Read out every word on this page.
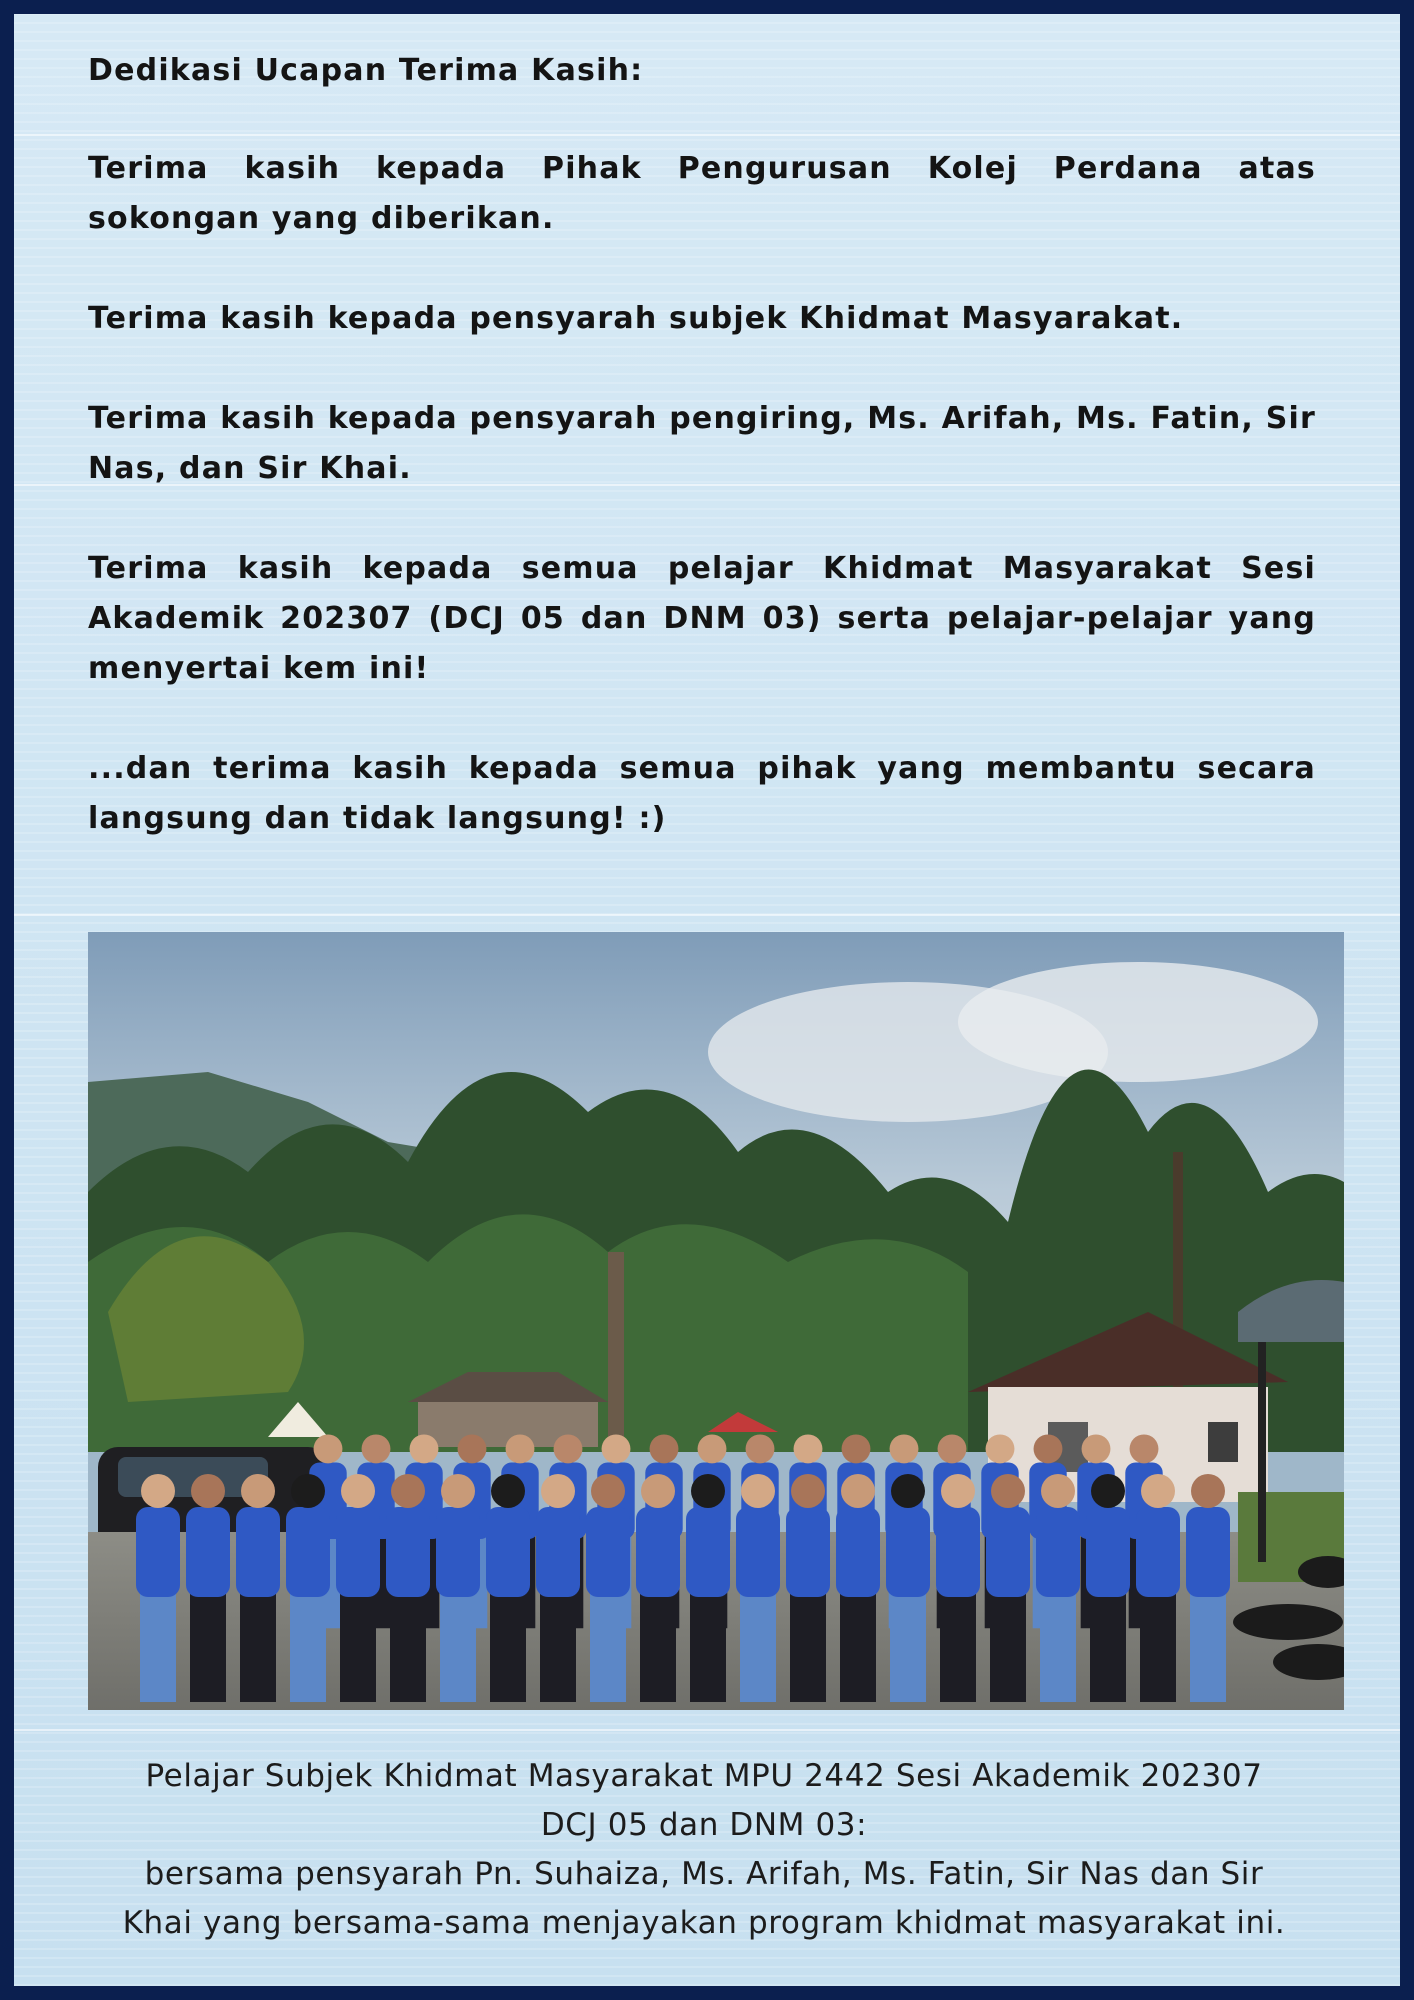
Dedikasi Ucapan Terima Kasih:
Terima kasih kepada Pihak Pengurusan Kolej Perdana atas sokongan yang diberikan.
Terima kasih kepada pensyarah subjek Khidmat Masyarakat.
Terima kasih kepada pensyarah pengiring, Ms. Arifah, Ms. Fatin, Sir Nas, dan Sir Khai.
Terima kasih kepada semua pelajar Khidmat Masyarakat Sesi Akademik 202307 (DCJ 05 dan DNM 03) serta pelajar-pelajar yang menyertai kem ini!
...dan terima kasih kepada semua pihak yang membantu secara langsung dan tidak langsung! :)
Pelajar Subjek Khidmat Masyarakat MPU 2442 Sesi Akademik 202307
DCJ 05 dan DNM 03:
bersama pensyarah Pn. Suhaiza, Ms. Arifah, Ms. Fatin, Sir Nas dan Sir
Khai yang bersama-sama menjayakan program khidmat masyarakat ini.
